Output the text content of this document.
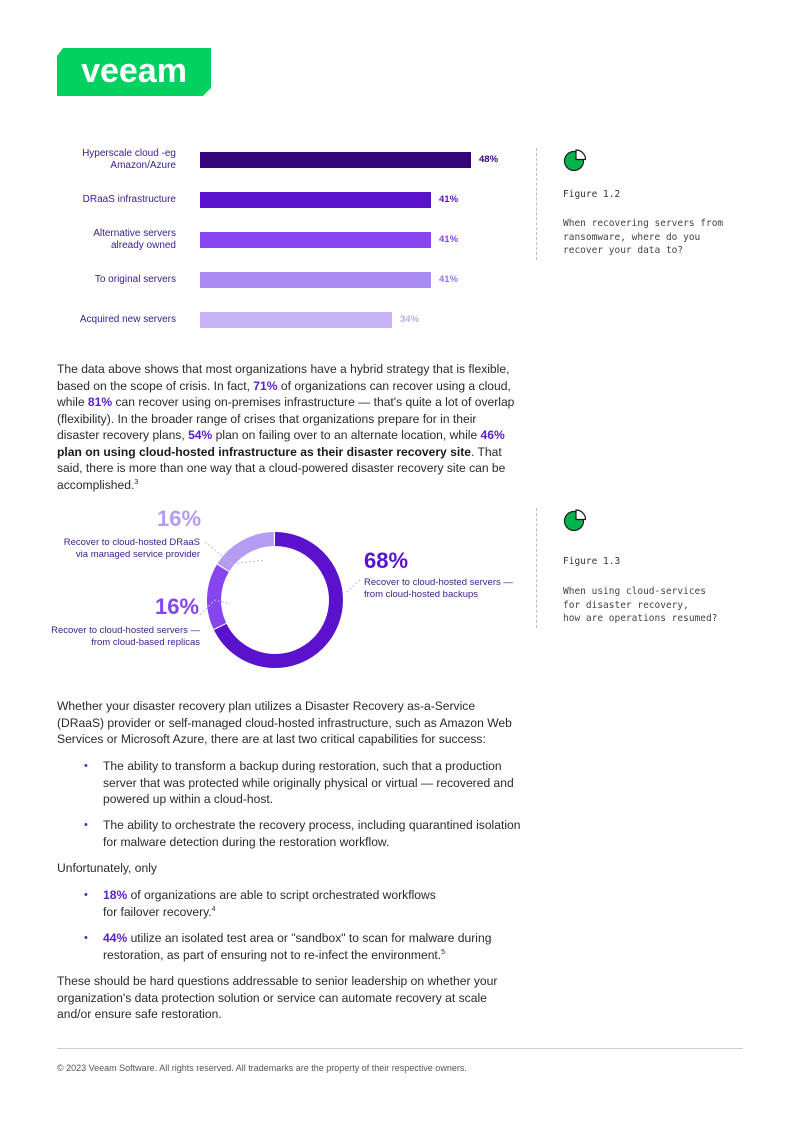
veeam
Hyperscale cloud -eg
Amazon/Azure
48%
DRaaS infrastructure	41%
Alternative servers
already owned
41%
To original servers	41%
Acquired new servers	34%
Figure 1.2
When recovering servers from
ransomware, where do you
recover your data to?
The data above shows that most organizations have a hybrid strategy that is flexible, based on the scope of crisis. In fact, 71% of organizations can recover using a cloud, while 81% can recover using on-premises infrastructure — that's quite a lot of overlap (flexibility). In the broader range of crises that organizations prepare for in their disaster recovery plans, 54% plan on failing over to an alternate location, while 46% plan on using cloud-hosted infrastructure as their disaster recovery site. That said, there is more than one way that a cloud-powered disaster recovery site can be accomplished.$^3$
16%
Recover to cloud-hosted DRaaS
via managed service provider	68%
Recover to cloud-hosted servers —
from cloud-hosted backups
16%
Recover to cloud-hosted servers —
from cloud-based replicas
Figure 1.3
When using cloud-services
for disaster recovery,
how are operations resumed?
Whether your disaster recovery plan utilizes a Disaster Recovery as-a-Service (DRaaS) provider or self-managed cloud-hosted infrastructure, such as Amazon Web Services or Microsoft Azure, there are at last two critical capabilities for success:
• The ability to transform a backup during restoration, such that a production server that was protected while originally physical or virtual — recovered and powered up within a cloud-host.
• The ability to orchestrate the recovery process, including quarantined isolation for malware detection during the restoration workflow.
Unfortunately, only
• 18% of organizations are able to script orchestrated workflows for failover recovery.$^4$
• 44% utilize an isolated test area or "sandbox" to scan for malware during restoration, as part of ensuring not to re-infect the environment.$^5$
These should be hard questions addressable to senior leadership on whether your organization's data protection solution or service can automate recovery at scale and/or ensure safe restoration.
© 2023 Veeam Software. All rights reserved. All trademarks are the property of their respective owners.
